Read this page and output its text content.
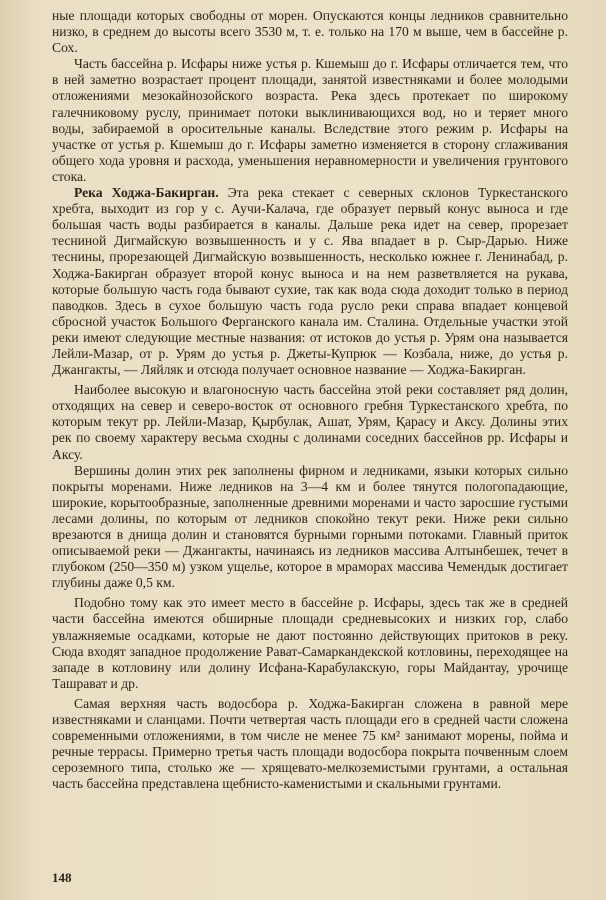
ные площади которых свободны от морен. Опускаются концы ледников сравнительно низко, в среднем до высоты всего 3530 м, т. е. только на 170 м выше, чем в бассейне р. Сох.

Часть бассейна р. Исфары ниже устья р. Кшемыш до г. Исфары отличается тем, что в ней заметно возрастает процент площади, занятой известняками и более молодыми отложениями мезокайнозойского возраста. Река здесь протекает по широкому галечниковому руслу, принимает потоки выклинивающихся вод, но и теряет много воды, забираемой в оросительные каналы. Вследствие этого режим р. Исфары на участке от устья р. Кшемыш до г. Исфары заметно изменяется в сторону сглаживания общего хода уровня и расхода, уменьшения неравномерности и увеличения грунтового стока.

Река Ходжа-Бакирган. Эта река стекает с северных склонов Туркестанского хребта, выходит из гор у с. Аучи-Калача, где образует первый конус выноса и где большая часть воды разбирается в каналы. Дальше река идет на север, прорезает тесниной Дигмайскую возвышенность и у с. Ява впадает в р. Сыр-Дарью. Ниже теснины, прорезающей Дигмайскую возвышенность, несколько южнее г. Ленинабад, р. Ходжа-Бакирган образует второй конус выноса и на нем разветвляется на рукава, которые большую часть года бывают сухие, так как вода сюда доходит только в период паводков. Здесь в сухое большую часть года русло реки справа впадает концевой сбросной участок Большого Ферганского канала им. Сталина. Отдельные участки этой реки имеют следующие местные названия: от истоков до устья р. Урям она называется Лейли-Мазар, от р. Урям до устья р. Джеты-Купрюк — Козбала, ниже, до устья р. Джангакты, — Ляйляк и отсюда получает основное название — Ходжа-Бакирган.

Наиболее высокую и влагоносную часть бассейна этой реки составляет ряд долин, отходящих на север и северо-восток от основного гребня Туркестанского хребта, по которым текут рр. Лейли-Мазар, Қырбулак, Ашат, Урям, Қарасу и Аксу. Долины этих рек по своему характеру весьма сходны с долинами соседних бассейнов рр. Исфары и Аксу.

Вершины долин этих рек заполнены фирном и ледниками, языки которых сильно покрыты моренами. Ниже ледников на 3—4 км и более тянутся пологопадающие, широкие, корытообразные, заполненные древними моренами и часто заросшие густыми лесами долины, по которым от ледников спокойно текут реки. Ниже реки сильно врезаются в днища долин и становятся бурными горными потоками. Главный приток описываемой реки — Джангакты, начинаясь из ледников массива Алтынбешек, течет в глубоком (250—350 м) узком ущелье, которое в мраморах массива Чемендык достигает глубины даже 0,5 км.

Подобно тому как это имеет место в бассейне р. Исфары, здесь так же в средней части бассейна имеются обширные площади средневысоких и низких гор, слабо увлажняемые осадками, которые не дают постоянно действующих притоков в реку. Сюда входят западное продолжение Рават-Самаркандекской котловины, переходящее на западе в котловину или долину Исфана-Карабулакскую, горы Майдантау, урочище Ташрават и др.

Самая верхняя часть водосбора р. Ходжа-Бакирган сложена в равной мере известняками и сланцами. Почти четвертая часть площади его в средней части сложена современными отложениями, в том числе не менее 75 км² занимают морены, пойма и речные террасы. Примерно третья часть площади водосбора покрыта почвенным слоем сероземного типа, столько же — хрящевато-мелкоземистыми грунтами, а остальная часть бассейна представлена щебнисто-каменистыми и скальными грунтами.

148
